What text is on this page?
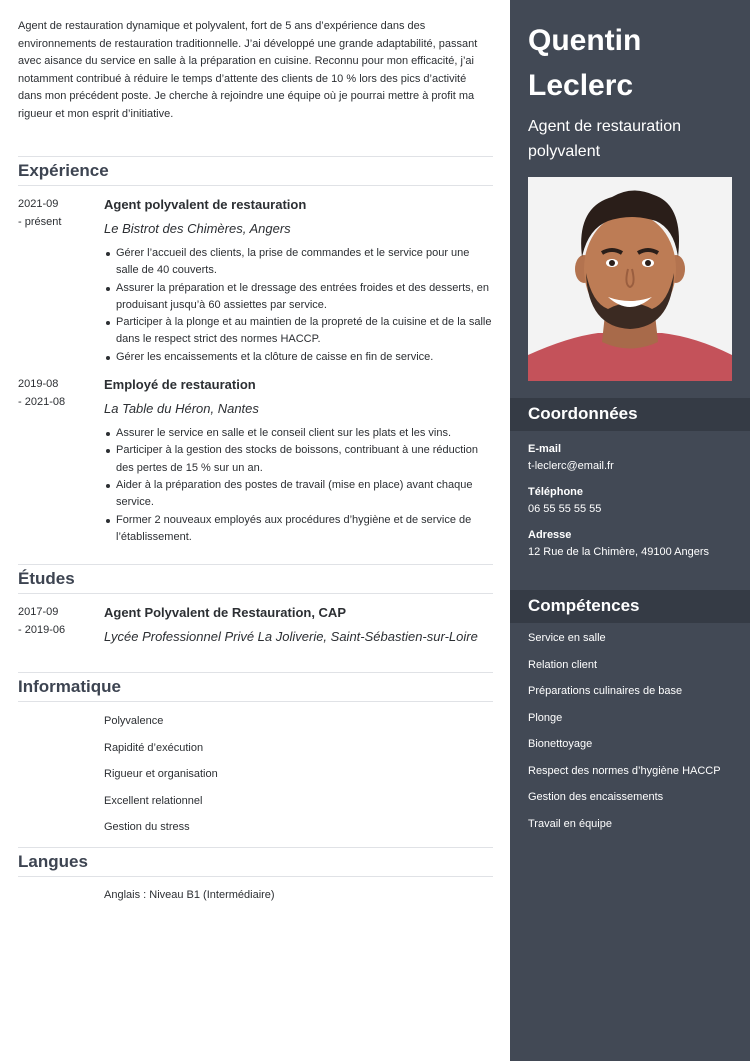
Agent de restauration dynamique et polyvalent, fort de 5 ans d’expérience dans des environnements de restauration traditionnelle. J’ai développé une grande adaptabilité, passant avec aisance du service en salle à la préparation en cuisine. Reconnu pour mon efficacité, j’ai notamment contribué à réduire le temps d’attente des clients de 10 % lors des pics d’activité dans mon précédent poste. Je cherche à rejoindre une équipe où je pourrai mettre à profit ma rigueur et mon esprit d’initiative.

Expérience
2021-09
- présent
Agent polyvalent de restauration
Le Bistrot des Chimères, Angers
Gérer l’accueil des clients, la prise de commandes et le service pour une salle de 40 couverts.
Assurer la préparation et le dressage des entrées froides et des desserts, en produisant jusqu’à 60 assiettes par service.
Participer à la plonge et au maintien de la propreté de la cuisine et de la salle dans le respect strict des normes HACCP.
Gérer les encaissements et la clôture de caisse en fin de service.
2019-08
- 2021-08
Employé de restauration
La Table du Héron, Nantes
Assurer le service en salle et le conseil client sur les plats et les vins.
Participer à la gestion des stocks de boissons, contribuant à une réduction des pertes de 15 % sur un an.
Aider à la préparation des postes de travail (mise en place) avant chaque service.
Former 2 nouveaux employés aux procédures d’hygiène et de service de l’établissement.
Études
2017-09
- 2019-06
Agent Polyvalent de Restauration, CAP
Lycée Professionnel Privé La Joliverie, Saint-Sébastien-sur-Loire
Informatique
Polyvalence
Rapidité d’exécution
Rigueur et organisation
Excellent relationnel
Gestion du stress
Langues
Anglais : Niveau B1 (Intermédiaire)
Quentin
Leclerc
Agent de restauration polyvalent
Coordonnées
E-mail
t-leclerc@email.fr
Téléphone
06 55 55 55 55
Adresse
12 Rue de la Chimère, 49100 Angers
Compétences
Service en salle
Relation client
Préparations culinaires de base
Plonge
Bionettoyage
Respect des normes d’hygiène HACCP
Gestion des encaissements
Travail en équipe
